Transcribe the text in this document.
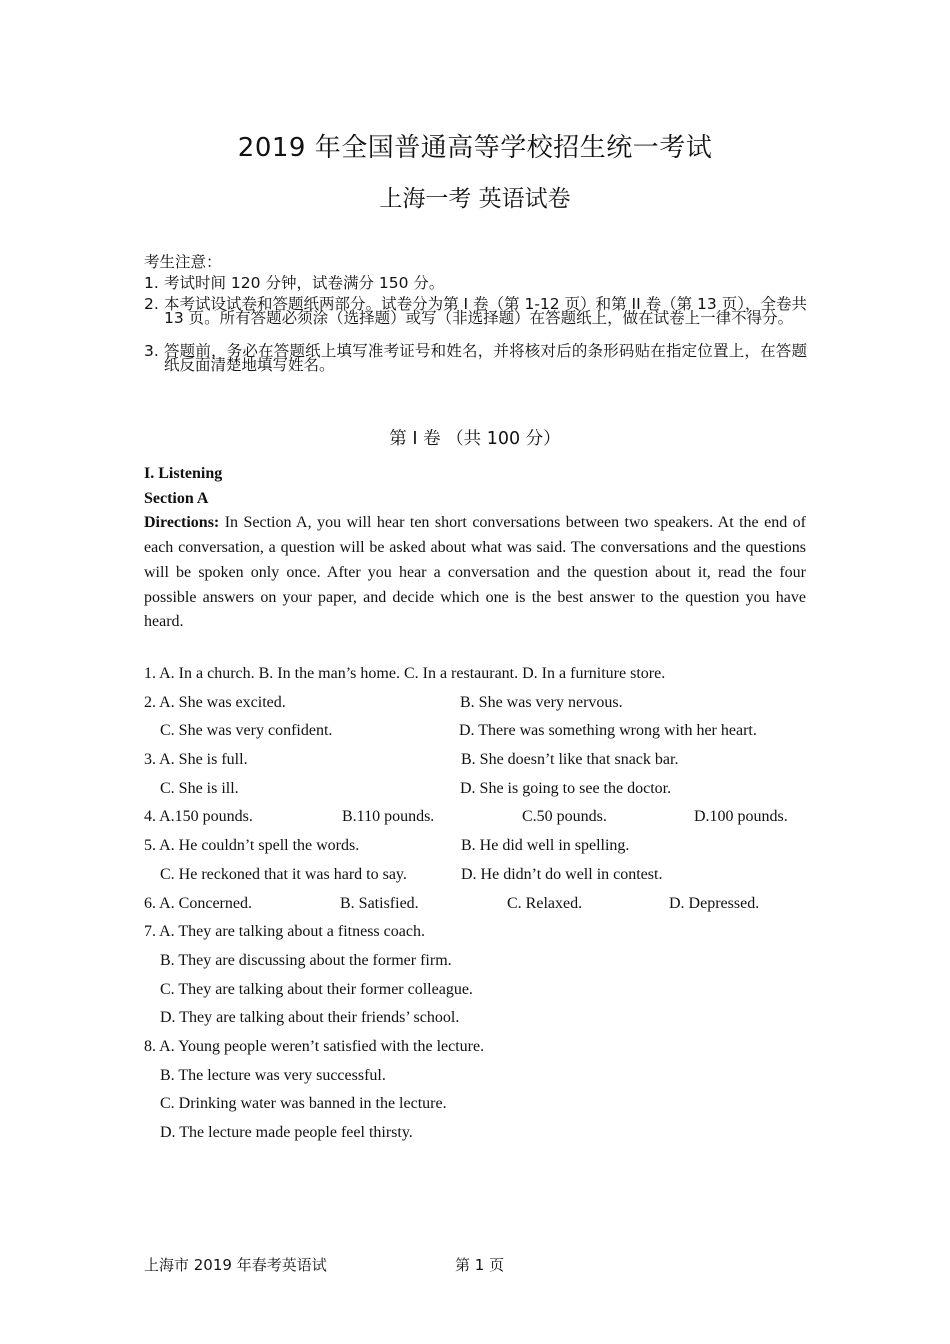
2019 年全国普通高等学校招生统一考试
上海一考 英语试卷
考生注意：
1. 考试时间 120 分钟，试卷满分 150 分。
2. 本考试设试卷和答题纸两部分。试卷分为第 I 卷（第 1-12 页）和第 II 卷（第 13 页），全卷共 13 页。所有答题必须涂（选择题）或写（非选择题）在答题纸上，做在试卷上一律不得分。
3. 答题前，务必在答题纸上填写准考证号和姓名，并将核对后的条形码贴在指定位置上，在答题纸反面清楚地填写姓名。
第 I 卷 （共 100 分）
I. Listening
Section A

Directions: In Section A, you will hear ten short conversations between two speakers. At the end of each conversation, a question will be asked about what was said. The conversations and the questions will be spoken only once. After you hear a conversation and the question about it, read the four possible answers on your paper, and decide which one is the best answer to the question you have heard.

1. A. In a church. B. In the man’s home. C. In a restaurant. D. In a furniture store.
2. A. She was excited.	B. She was very nervous.
C. She was very confident.	D. There was something wrong with her heart.
3. A. She is full.	B. She doesn’t like that snack bar.
C. She is ill.	D. She is going to see the doctor.
4. A.150 pounds.	B.110 pounds.	C.50 pounds.	D.100 pounds.
5. A. He couldn’t spell the words.	B. He did well in spelling.
C. He reckoned that it was hard to say.	D. He didn’t do well in contest.
6. A. Concerned.	B. Satisfied.	C. Relaxed.	D. Depressed.
7. A. They are talking about a fitness coach.
B. They are discussing about the former firm.
C. They are talking about their former colleague.
D. They are talking about their friends’ school.
8. A. Young people weren’t satisfied with the lecture.
B. The lecture was very successful.
C. Drinking water was banned in the lecture.
D. The lecture made people feel thirsty.
上海市 2019 年春考英语试	第 1 页
